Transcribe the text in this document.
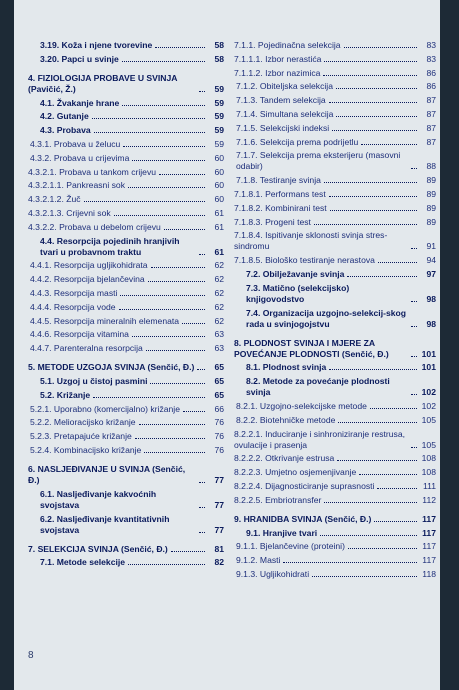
3.19. Koža i njene tvorevine	58
3.20. Papci u svinje	58
4. FIZIOLOGIJA PROBAVE U SVINJA (Pavičić, Ž.)	59
4.1. Žvakanje hrane	59
4.2. Gutanje	59
4.3. Probava	59
4.3.1. Probava u želucu	59
4.3.2. Probava u crijevima	60
4.3.2.1. Probava u tankom crijevu	60
4.3.2.1.1. Pankreasni sok	60
4.3.2.1.2. Žuč	60
4.3.2.1.3. Crijevni sok	61
4.3.2.2. Probava u debelom crijevu	61
4.4. Resorpcija pojedinih hranjivih tvari u probavnom traktu	61
4.4.1. Resorpcija ugljikohidrata	62
4.4.2. Resorpcija bjelančevina	62
4.4.3. Resorpcija masti	62
4.4.4. Resorpcija vode	62
4.4.5. Resorpcija mineralnih elemenata	62
4.4.6. Resorpcija vitamina	63
4.4.7. Parenteralna resorpcija	63
5. METODE UZGOJA SVINJA (Senčić, Đ.)	65
5.1. Uzgoj u čistoj pasmini	65
5.2. Križanje	65
5.2.1. Uporabno (komercijalno) križanje	66
5.2.2. Melioracijsko križanje	76
5.2.3. Pretapajuće križanje	76
5.2.4. Kombinacijsko križanje	76
6. NASLJEĐIVANJE U SVINJA (Senčić, Đ.)	77
6.1. Nasljeđivanje kakvoćnih svojstava	77
6.2. Nasljeđivanje kvantitativnih svojstava	77
7. SELEKCIJA SVINJA (Senčić, Đ.)	81
7.1. Metode selekcije	82
7.1.1. Pojedinačna selekcija	83
7.1.1.1. Izbor nerastića	83
7.1.1.2. Izbor nazimica	86
7.1.2. Obiteljska selekcija	86
7.1.3. Tandem selekcija	87
7.1.4. Simultana selekcija	87
7.1.5. Selekcijski indeksi	87
7.1.6. Selekcija prema podrijetlu	87
7.1.7. Selekcija prema eksterijeru (masovni odabir)	88
7.1.8. Testiranje svinja	89
7.1.8.1. Performans test	89
7.1.8.2. Kombinirani test	89
7.1.8.3. Progeni test	89
7.1.8.4. Ispitivanje sklonosti svinja stres-sindromu	91
7.1.8.5. Biološko testiranje nerastova	94
7.2. Obilježavanje svinja	97
7.3. Matično (selekcijsko) knjigovodstvo	98
7.4. Organizacija uzgojno-selekcij-skog rada u svinjogojstvu	98
8. PLODNOST SVINJA I MJERE ZA POVEĆANJE PLODNOSTI (Senčić, Đ.)	101
8.1. Plodnost svinja	101
8.2. Metode za povećanje plodnosti svinja	102
8.2.1. Uzgojno-selekcijske metode	102
8.2.2. Biotehničke metode	105
8.2.2.1. Induciranje i sinhroniziranje restrusa, ovulacije i prasenja	105
8.2.2.2. Otkrivanje estrusa	108
8.2.2.3. Umjetno osjemenjivanje	108
8.2.2.4. Dijagnosticiranje suprasnosti	111
8.2.2.5. Embriotransfer	112
9. HRANIDBA SVINJA (Senčić, Đ.)	117
9.1. Hranjive tvari	117
9.1.1. Bjelančevine (proteini)	117
9.1.2. Masti	117
9.1.3. Ugljikohidrati	118
8
